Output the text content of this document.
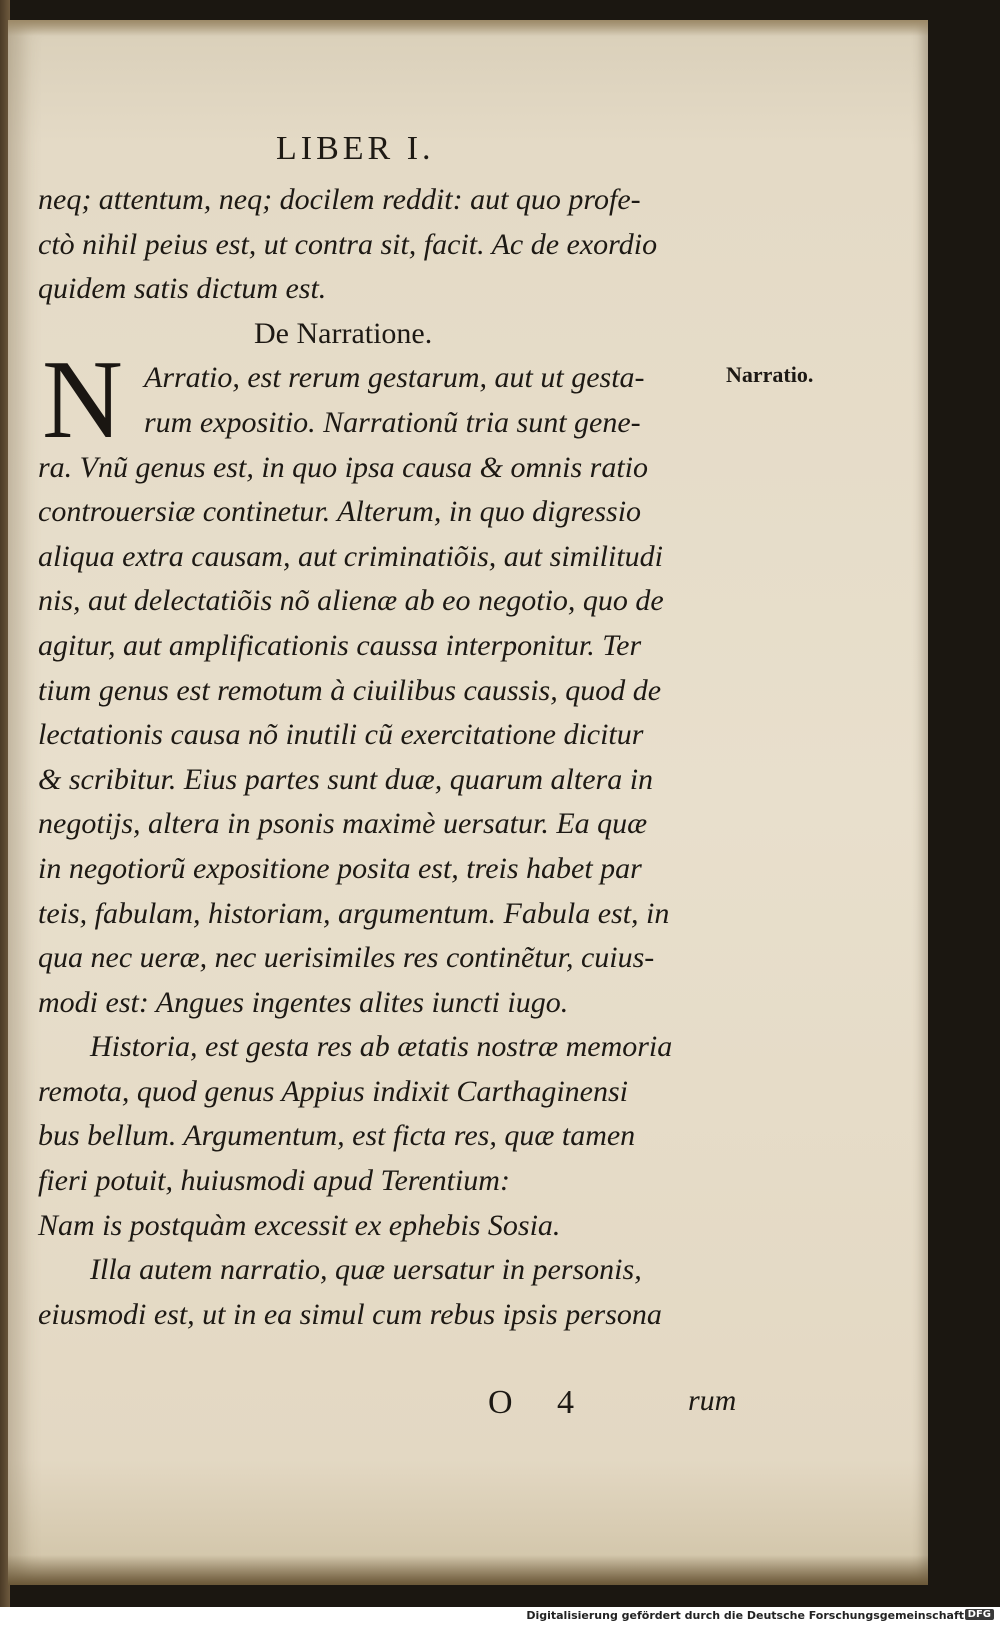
LIBER I.
N	Narratio.
neq; attentum, neq; docilem reddit: aut quo profe-
ctò nihil peius est, ut contra sit, facit. Ac de exordio
quidem satis dictum est.
De Narratione.
Arratio, est rerum gestarum, aut ut gesta-
rum expositio. Narrationũ tria sunt gene-
ra. Vnũ genus est, in quo ipsa causa & omnis ratio
controuersiæ continetur. Alterum, in quo digressio
aliqua extra causam, aut criminatiõis, aut similitudi
nis, aut delectatiõis nõ alienæ ab eo negotio, quo de
agitur, aut amplificationis caussa interponitur. Ter
tium genus est remotum à ciuilibus caussis, quod de
lectationis causa nõ inutili cũ exercitatione dicitur
& scribitur. Eius partes sunt duæ, quarum altera in
negotijs, altera in psonis maximè uersatur. Ea quæ
in negotiorũ expositione posita est, treis habet par
teis, fabulam, historiam, argumentum. Fabula est, in
qua nec ueræ, nec uerisimiles res continẽtur, cuius-
modi est: Angues ingentes alites iuncti iugo.
Historia, est gesta res ab ætatis nostræ memoria
remota, quod genus Appius indixit Carthaginensi
bus bellum. Argumentum, est ficta res, quæ tamen
fieri potuit, huiusmodi apud Terentium:
Nam is postquàm excessit ex ephebis Sosia.
Illa autem narratio, quæ uersatur in personis,
eiusmodi est, ut in ea simul cum rebus ipsis persona
O 4	rum
Digitalisierung gefördert durch die Deutsche Forschungsgemeinschaft DFG
